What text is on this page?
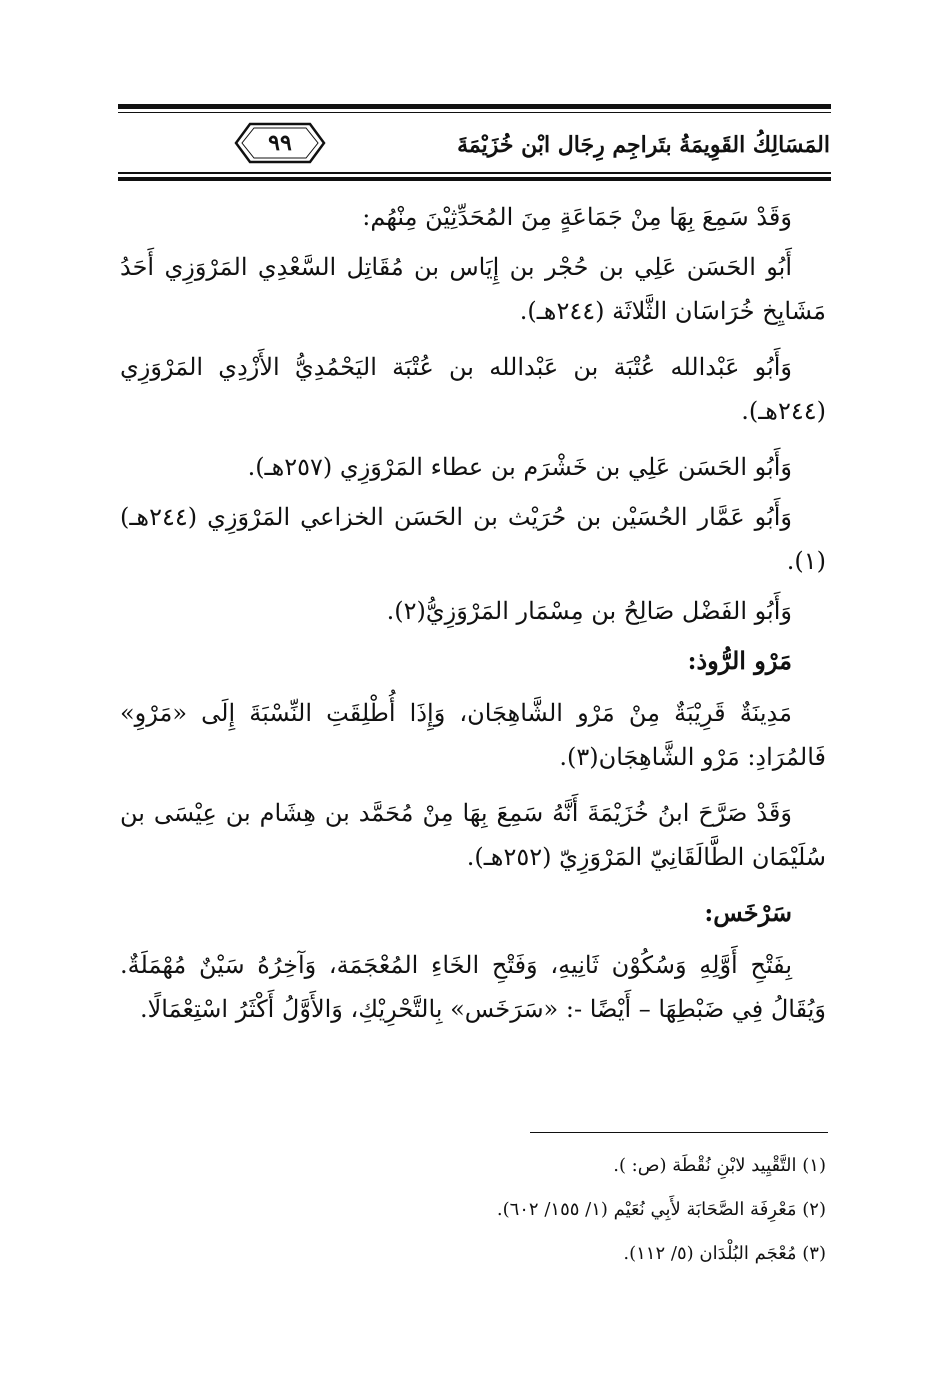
المَسَالِكُ القَوِيمَةُ بتَراجِم رِجَال ابْن خُزَيْمَةَ
٩٩

وَقَدْ سَمِعَ بِهَا مِنْ جَمَاعَةٍ مِنَ المُحَدِّثِيْنَ مِنْهُم:

أَبُو الحَسَن عَلِي بن حُجْر بن إِيَاس بن مُقَاتِل السَّعْدِي المَرْوَزِي أَحَدُ مَشَايِخ خُرَاسَان الثَّلاثَة (٢٤٤هـ).

وَأَبُو عَبْدالله عُتْبَة بن عَبْدالله بن عُتْبَة اليَحْمُدِيُّ الأَزْدِي المَرْوَزِي (٢٤٤هـ).

وَأَبُو الحَسَن عَلِي بن خَشْرَم بن عطاء المَرْوَزِي (٢٥٧هـ).

وَأَبُو عَمَّار الحُسَيْن بن حُرَيْث بن الحَسَن الخزاعي المَرْوَزِي (٢٤٤هـ)(١).

وَأَبُو الفَضْل صَالِحُ بن مِسْمَار المَرْوَزِيُّ(٢).

مَرْو الرُّوذ:

مَدِينَةٌ قَرِيْبَةٌ مِنْ مَرْو الشَّاهِجَان، وَإِذَا أُطْلِقَتِ النِّسْبَةَ إِلَى «مَرْوِ» فَالمُرَادِ: مَرْو الشَّاهِجَان(٣).

وَقَدْ صَرَّحَ ابنُ خُزَيْمَةَ أَنَّهُ سَمِعَ بِهَا مِنْ مُحَمَّد بن هِشَام بن عِيْسَى بن سُلَيْمَان الطَّالَقَانِيّ المَرْوَزِيّ (٢٥٢هـ).

سَرْخَس:

بِفَتْحِ أَوَّلِهِ وَسُكُوْن ثَانِيهِ، وَفَتْحِ الخَاءِ المُعْجَمَة، وَآخِرُهُ سَيْنٌ مُهْمَلَةٌ. وَيُقَالُ فِي ضَبْطِهَا – أَيْضًا -: «سَرَخَس» بِالتَّحْرِيْكِ، وَالأَوَّلُ أَكْثَرُ اسْتِعْمَالًا.

(١) التَّقْيِيد لابْنِ نُقْطَة (ص: ).

(٢) مَعْرِفَة الصَّحَابَة لأَبِي نُعَيْم (١/ ١٥٥/ ٦٠٢).

(٣) مُعْجَم البُلْدَان (٥/ ١١٢).
